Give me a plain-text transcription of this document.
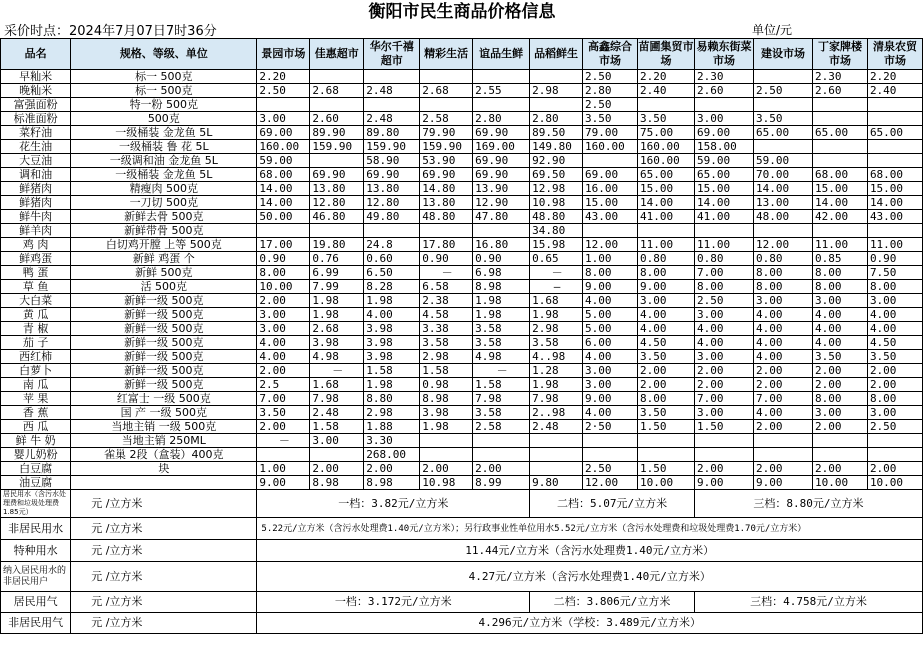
衡阳市民生商品价格信息
采价时点：2024年7月07日7时36分	单位/元
品名	规格、等级、单位	景园市场	佳惠超市	华尔千禧超市	精彩生活	谊品生鲜	品稻鲜生	高鑫综合市场	苗圃集贸市场	易赖东街菜市场	建设市场	丁家牌楼市场	清泉农贸市场
早籼米	标一 500克	2.20						2.50	2.20	2.30		2.30	2.20
晚籼米	标一 500克	2.50	2.68	2.48	2.68	2.55	2.98	2.80	2.40	2.60	2.50	2.60	2.40
富强面粉	特一粉 500克							2.50					
标准面粉	500克	3.00	2.60	2.48	2.58	2.80	2.80	3.50	3.50	3.00	3.50		
菜籽油	一级桶装 金龙鱼 5L	69.00	89.90	89.80	79.90	69.90	89.50	79.00	75.00	69.00	65.00	65.00	65.00
花生油	一级桶装 鲁 花 5L	160.00	159.90	159.90	159.90	169.00	149.80	160.00	160.00	158.00			
大豆油	一级调和油 金龙鱼 5L	59.00		58.90	53.90	69.90	92.90		160.00	59.00	59.00		
调和油	一级桶装 金龙鱼 5L	68.00	69.90	69.90	69.90	69.90	69.50	69.00	65.00	65.00	70.00	68.00	68.00
鲜猪肉	精瘦肉 500克	14.00	13.80	13.80	14.80	13.90	12.98	16.00	15.00	15.00	14.00	15.00	15.00
鲜猪肉	一刀切 500克	14.00	12.80	12.80	13.80	12.90	10.98	15.00	14.00	14.00	13.00	14.00	14.00
鲜牛肉	新鲜去骨 500克	50.00	46.80	49.80	48.80	47.80	48.80	43.00	41.00	41.00	48.00	42.00	43.00
鲜羊肉	新鲜带骨 500克						34.80						
鸡 肉	白切鸡开膛 上等 500克	17.00	19.80	24.8	17.80	16.80	15.98	12.00	11.00	11.00	12.00	11.00	11.00
鲜鸡蛋	新鲜 鸡蛋 个	0.90	0.76	0.60	0.90	0.90	0.65	1.00	0.80	0.80	0.80	0.85	0.90
鸭 蛋	新鲜 500克	8.00	6.99	6.50	－	6.98	－	8.00	8.00	7.00	8.00	8.00	7.50
草 鱼	活 500克	10.00	7.99	8.28	6.58	8.98	—	9.00	9.00	8.00	8.00	8.00	8.00
大白菜	新鲜一级 500克	2.00	1.98	1.98	2.38	1.98	1.68	4.00	3.00	2.50	3.00	3.00	3.00
黄 瓜	新鲜一级 500克	3.00	1.98	4.00	4.58	1.98	1.98	5.00	4.00	3.00	4.00	4.00	4.00
青 椒	新鲜一级 500克	3.00	2.68	3.98	3.38	3.58	2.98	5.00	4.00	4.00	4.00	4.00	4.00
茄 子	新鲜一级 500克	4.00	3.98	3.98	3.58	3.58	3.58	6.00	4.50	4.00	4.00	4.00	4.50
西红柿	新鲜一级 500克	4.00	4.98	3.98	2.98	4.98	4..98	4.00	3.50	3.00	4.00	3.50	3.50
白萝卜	新鲜一级 500克	2.00	－	1.58	1.58	－	1.28	3.00	2.00	2.00	2.00	2.00	2.00
南 瓜	新鲜一级 500克	2.5	1.68	1.98	0.98	1.58	1.98	3.00	2.00	2.00	2.00	2.00	2.00
苹 果	红富士 一级 500克	7.00	7.98	8.80	8.98	7.98	7.98	9.00	8.00	7.00	7.00	8.00	8.00
香 蕉	国 产 一级 500克	3.50	2.48	2.98	3.98	3.58	2..98	4.00	3.50	3.00	4.00	3.00	3.00
西 瓜	当地主销 一级 500克	2.00	1.58	1.88	1.98	2.58	2.48	2·50	1.50	1.50	2.00	2.00	2.50
鲜 牛 奶	当地主销 250ML	－	3.00	3.30									
婴儿奶粉	雀巢 2段（盒装）400克			268.00									
白豆腐	块	1.00	2.00	2.00	2.00	2.00		2.50	1.50	2.00	2.00	2.00	2.00
油豆腐		9.00	8.98	8.98	10.98	8.99	9.80	12.00	10.00	9.00	9.00	10.00	10.00
居民用水（含污水处理费和垃圾处理费1.85元）	元 /立方米	一档：3.82元/立方米					二档：5.07元/立方米			三档：8.80元/立方米			
非居民用水	元 /立方米	5.22元/立方米（含污水处理费1.40元/立方米）；另行政事业性单位用水5.52元/立方米（含污水处理费和垃圾处理费1.70元/立方米）											
特种用水	元 /立方米	11.44元/立方米（含污水处理费1.40元/立方米）											
纳入居民用水的非居民用户	元 /立方米	4.27元/立方米（含污水处理费1.40元/立方米）											
居民用气	元 /立方米	一档：3.172元/立方米					二档：3.806元/立方米			三档：4.758元/立方米			
非居民用气	元 /立方米	4.296元/立方米（学校：3.489元/立方米）											
